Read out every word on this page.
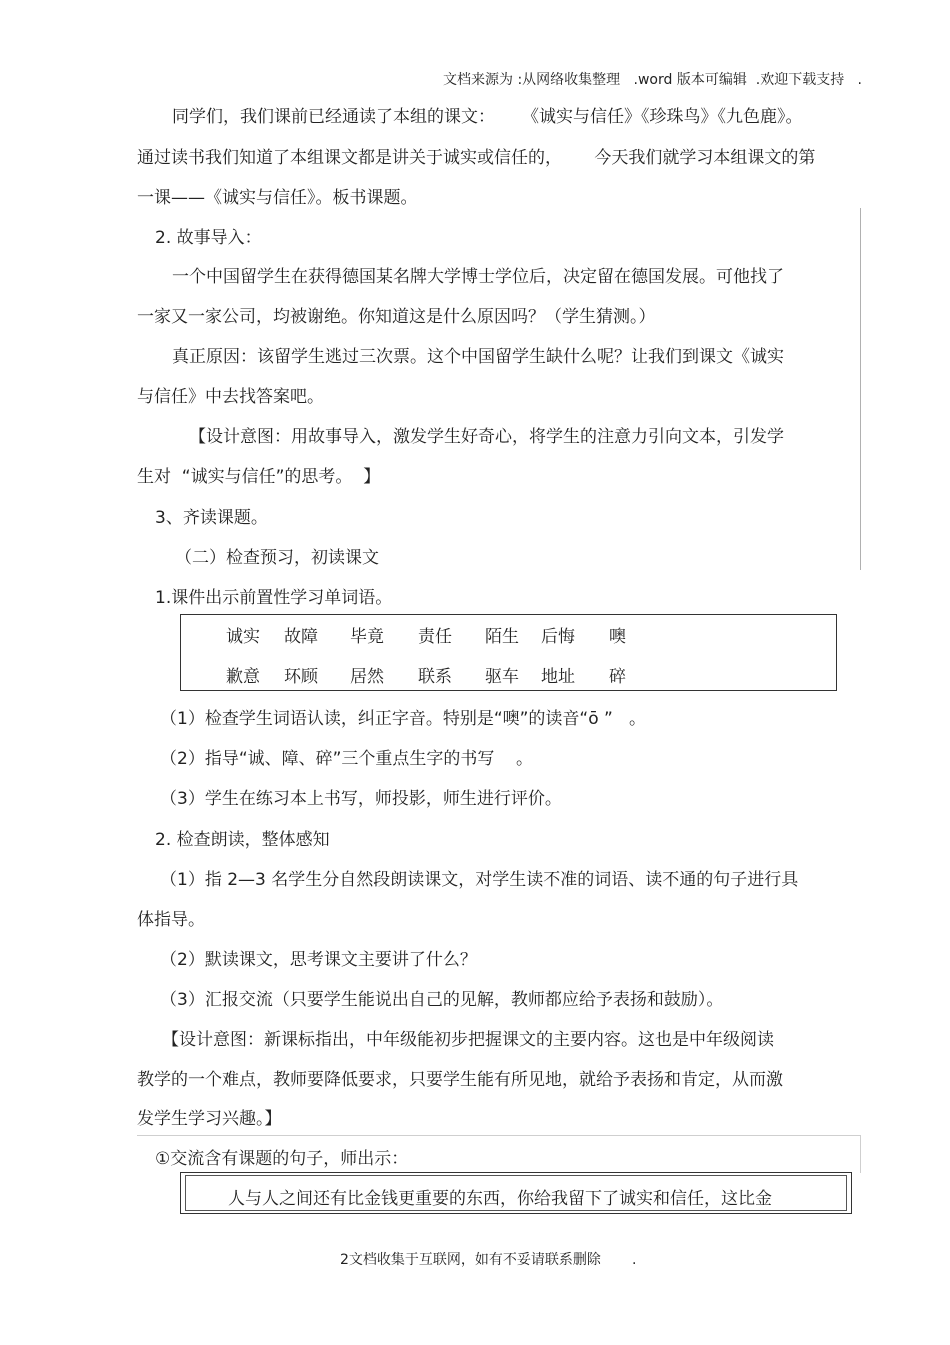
文档来源为 :从网络收集整理   .word 版本可编辑  .欢迎下载支持   .
同学们，我们课前已经通读了本组的课文：     《诚实与信任》《珍珠鸟》《九色鹿》。
通过读书我们知道了本组课文都是讲关于诚实或信任的，      今天我们就学习本组课文的第
一课——《诚实与信任》。板书课题。
2. 故事导入：
一个中国留学生在获得德国某名牌大学博士学位后，决定留在德国发展。可他找了
一家又一家公司，均被谢绝。你知道这是什么原因吗？（学生猜测。）
真正原因：该留学生逃过三次票。这个中国留学生缺什么呢？让我们到课文《诚实
与信任》中去找答案吧。
【设计意图：用故事导入，激发学生好奇心，将学生的注意力引向文本，引发学
生对  “诚实与信任”的思考。  】
3、齐读课题。
（二）检查预习，初读课文
1.课件出示前置性学习单词语。
诚实 故障 毕竟 责任 陌生 后悔 噢
歉意 环顾 居然 联系 驱车 地址 碎
（1）检查学生词语认读，纠正字音。特别是“噢”的读音“ō ”   。
（2）指导“诚、障、碎”三个重点生字的书写    。
（3）学生在练习本上书写，师投影，师生进行评价。
2. 检查朗读，整体感知
（1）指 2—3 名学生分自然段朗读课文，对学生读不准的词语、读不通的句子进行具
体指导。
（2）默读课文，思考课文主要讲了什么？
（3）汇报交流（只要学生能说出自己的见解，教师都应给予表扬和鼓励）。
【设计意图：新课标指出，中年级能初步把握课文的主要内容。这也是中年级阅读
教学的一个难点，教师要降低要求，只要学生能有所见地，就给予表扬和肯定，从而激
发学生学习兴趣。】
①交流含有课题的句子，师出示：
人与人之间还有比金钱更重要的东西，你给我留下了诚实和信任，这比金
2文档收集于互联网，如有不妥请联系删除       .
